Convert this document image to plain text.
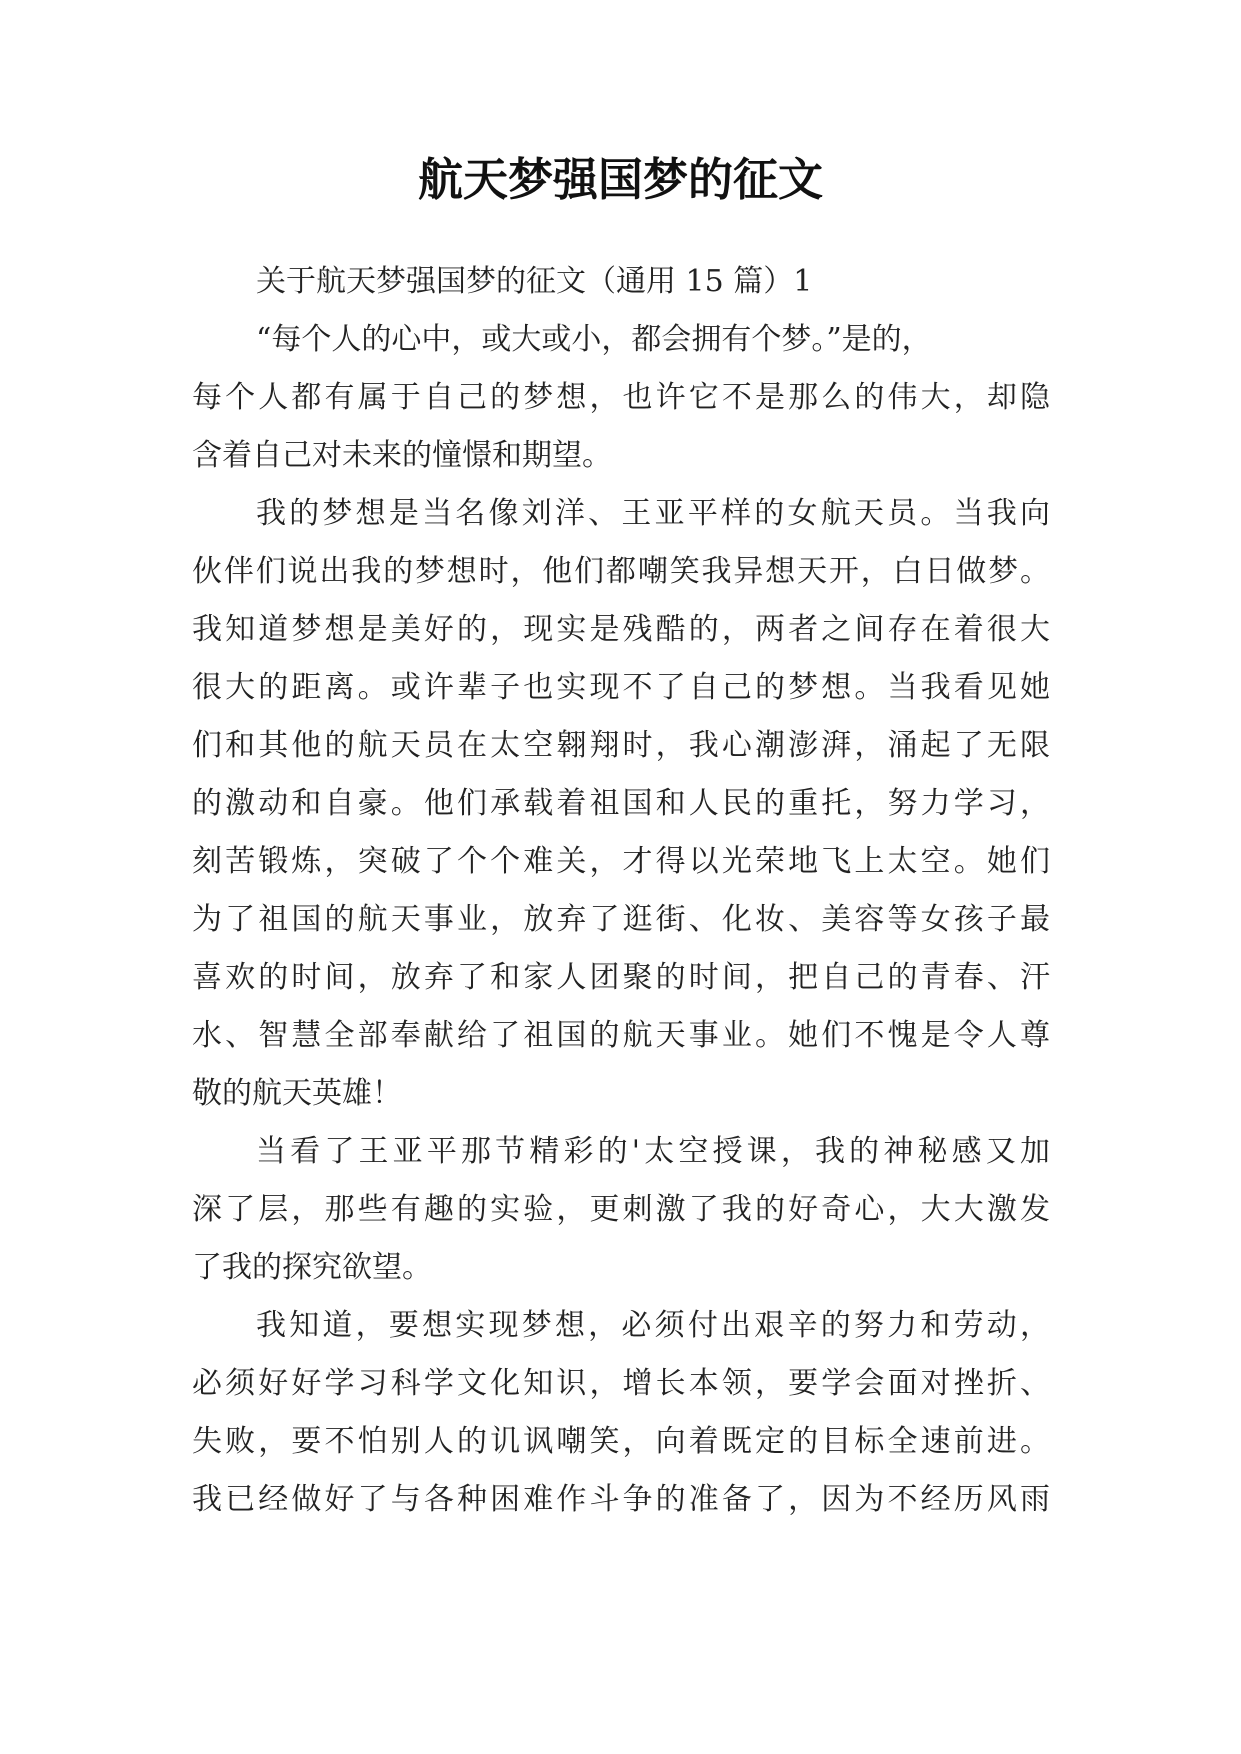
航天梦强国梦的征文
关于航天梦强国梦的征文（通用 15 篇）1
“每个人的心中，或大或小，都会拥有个梦。”是的，
每个人都有属于自己的梦想，也许它不是那么的伟大，却隐
含着自己对未来的憧憬和期望。
我的梦想是当名像刘洋、王亚平样的女航天员。当我向
伙伴们说出我的梦想时，他们都嘲笑我异想天开，白日做梦。
我知道梦想是美好的，现实是残酷的，两者之间存在着很大
很大的距离。或许辈子也实现不了自己的梦想。当我看见她
们和其他的航天员在太空翱翔时，我心潮澎湃，涌起了无限
的激动和自豪。他们承载着祖国和人民的重托，努力学习，
刻苦锻炼，突破了个个难关，才得以光荣地飞上太空。她们
为了祖国的航天事业，放弃了逛街、化妆、美容等女孩子最
喜欢的时间，放弃了和家人团聚的时间，把自己的青春、汗
水、智慧全部奉献给了祖国的航天事业。她们不愧是令人尊
敬的航天英雄！
当看了王亚平那节精彩的'太空授课，我的神秘感又加
深了层，那些有趣的实验，更刺激了我的好奇心，大大激发
了我的探究欲望。
我知道，要想实现梦想，必须付出艰辛的努力和劳动，
必须好好学习科学文化知识，增长本领，要学会面对挫折、
失败，要不怕别人的讥讽嘲笑，向着既定的目标全速前进。
我已经做好了与各种困难作斗争的准备了，因为不经历风雨
